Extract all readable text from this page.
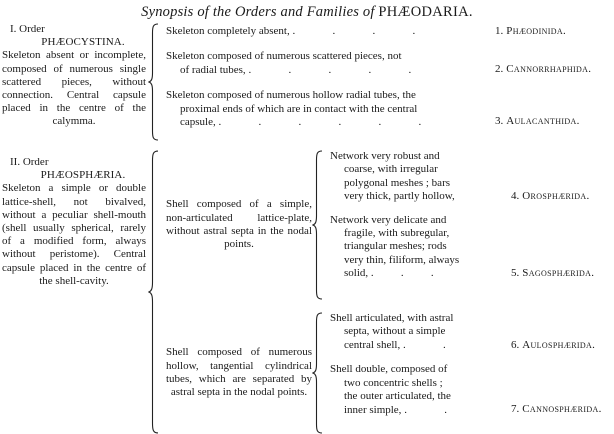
Synopsis of the Orders and Families of PHÆODARIA.
I. Order
PHÆOCYSTINA.
Skeleton absent or incomplete, composed of numerous single scattered pieces, without connection. Central capsule placed in the centre of the calymma.
Skeleton completely absent, .	.	.	.	1. Phæodinida.
Skeleton composed of numerous scattered pieces, not
of radial tubes, .	.	.	.	.	2. Cannorrhaphida.
Skeleton composed of numerous hollow radial tubes, the
proximal ends of which are in contact with the central
capsule, .	.	.	.	.	.	3. Aulacanthida.
II. Order
PHÆOSPHÆRIA.
Skeleton a simple or double lattice-shell, not bivalved, without a peculiar shell-mouth (shell usually spherical, rarely of a modified form, always without peristome). Central capsule placed in the centre of the shell-cavity.
Shell composed of a simple, non-articulated lattice-plate, without astral septa in the nodal points.
Network very robust and
coarse, with irregular
polygonal meshes ; bars
very thick, partly hollow,	4. Orosphærida.
Network very delicate and
fragile, with subregular,
triangular meshes; rods
very thin, filiform, always
solid, . . .	5. Sagosphærida.
Shell composed of numerous hollow, tangential cylindrical tubes, which are separated by astral septa in the nodal points.
Shell articulated, with astral
septa, without a simple
central shell, .	.	6. Aulosphærida.
Shell double, composed of
two concentric shells ;
the outer articulated, the
inner simple, .	.	7. Cannosphærida.
